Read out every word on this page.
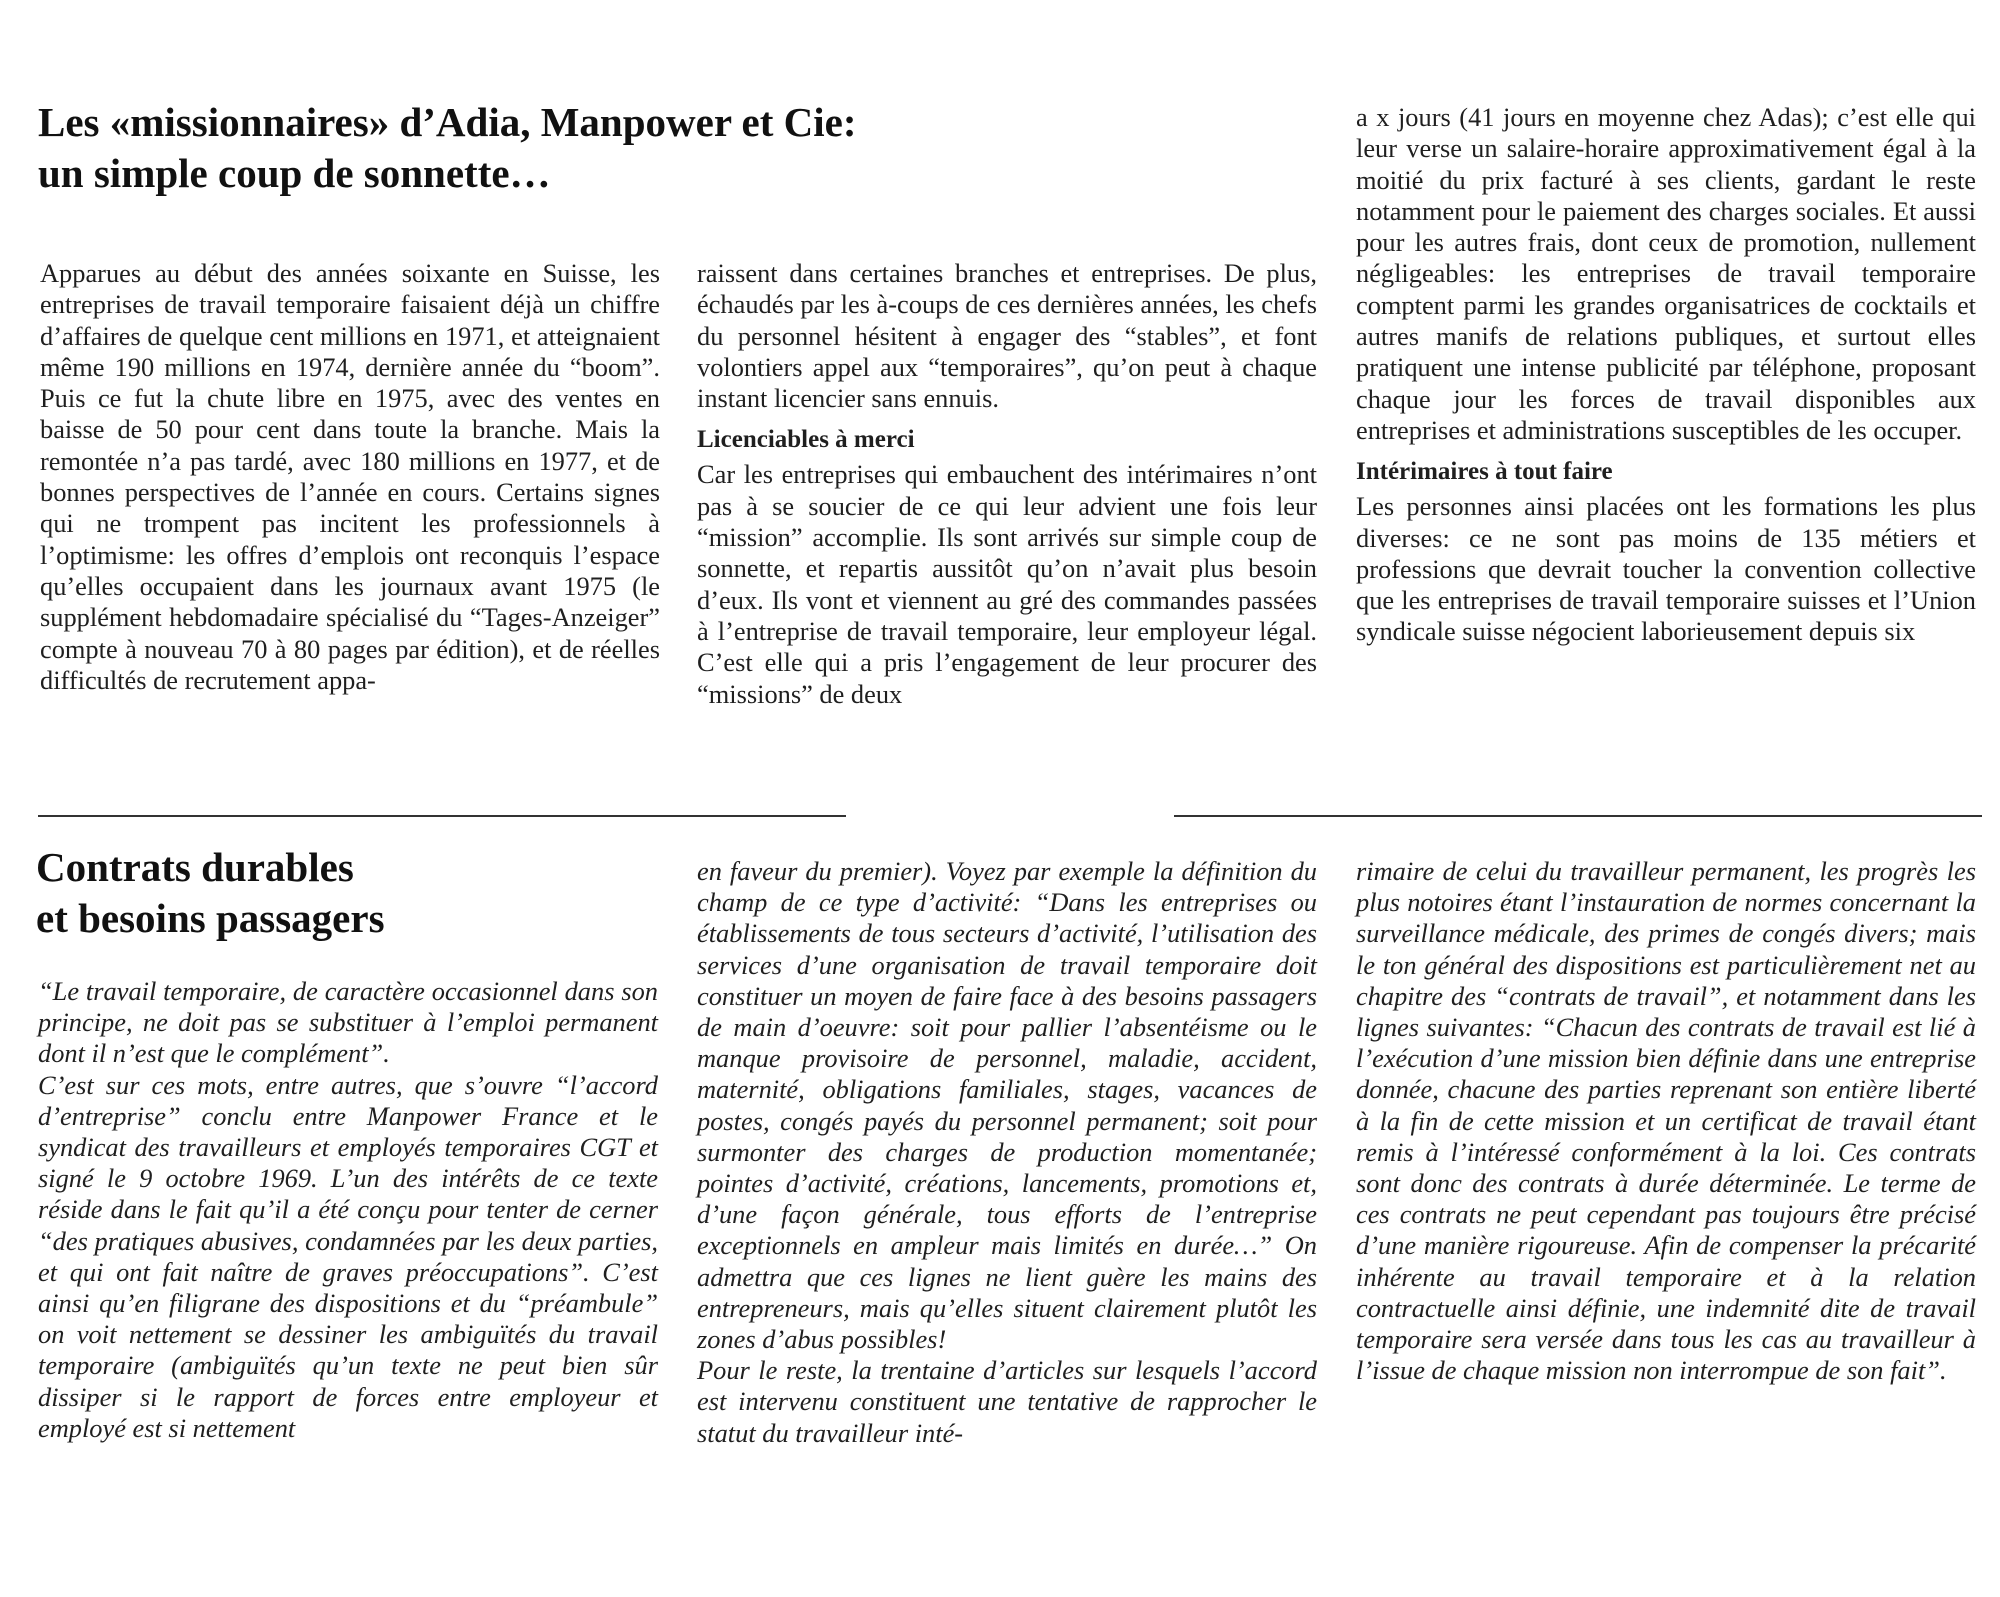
Les «missionnaires» d’Adia, Manpower et Cie:
un simple coup de sonnette…

Apparues au début des années soixante en Suisse, les entreprises de travail temporaire faisaient déjà un chiffre d’affaires de quelque cent millions en 1971, et atteignaient même 190 millions en 1974, dernière année du “boom”. Puis ce fut la chute libre en 1975, avec des ventes en baisse de 50 pour cent dans toute la branche. Mais la remontée n’a pas tardé, avec 180 millions en 1977, et de bonnes perspectives de l’année en cours. Certains signes qui ne trompent pas incitent les professionnels à l’optimisme: les offres d’emplois ont reconquis l’espace qu’elles occupaient dans les journaux avant 1975 (le supplément hebdomadaire spécialisé du “Tages-Anzeiger” compte à nouveau 70 à 80 pages par édition), et de réelles difficultés de recrutement appa-

raissent dans certaines branches et entreprises. De plus, échaudés par les à-coups de ces dernières années, les chefs du personnel hésitent à engager des “stables”, et font volontiers appel aux “temporaires”, qu’on peut à chaque instant licencier sans ennuis.

Licenciables à merci

Car les entreprises qui embauchent des intérimaires n’ont pas à se soucier de ce qui leur advient une fois leur “mission” accomplie. Ils sont arrivés sur simple coup de sonnette, et repartis aussitôt qu’on n’avait plus besoin d’eux. Ils vont et viennent au gré des commandes passées à l’entreprise de travail temporaire, leur employeur légal. C’est elle qui a pris l’engagement de leur procurer des “missions” de deux

a x jours (41 jours en moyenne chez Adas); c’est elle qui leur verse un salaire-horaire approximativement égal à la moitié du prix facturé à ses clients, gardant le reste notamment pour le paiement des charges sociales. Et aussi pour les autres frais, dont ceux de promotion, nullement négligeables: les entreprises de travail temporaire comptent parmi les grandes organisatrices de cocktails et autres manifs de relations publiques, et surtout elles pratiquent une intense publicité par téléphone, proposant chaque jour les forces de travail disponibles aux entreprises et administrations susceptibles de les occuper.

Intérimaires à tout faire

Les personnes ainsi placées ont les formations les plus diverses: ce ne sont pas moins de 135 métiers et professions que devrait toucher la convention collective que les entreprises de travail temporaire suisses et l’Union syndicale suisse négocient laborieusement depuis six

Contrats durables
et besoins passagers

“Le travail temporaire, de caractère occasionnel dans son principe, ne doit pas se substituer à l’emploi permanent dont il n’est que le complément”.

C’est sur ces mots, entre autres, que s’ouvre “l’accord d’entreprise” conclu entre Manpower France et le syndicat des travailleurs et employés temporaires CGT et signé le 9 octobre 1969. L’un des intérêts de ce texte réside dans le fait qu’il a été conçu pour tenter de cerner “des pratiques abusives, condamnées par les deux parties, et qui ont fait naître de graves préoccupations”. C’est ainsi qu’en filigrane des dispositions et du “préambule” on voit nettement se dessiner les ambiguïtés du travail temporaire (ambiguïtés qu’un texte ne peut bien sûr dissiper si le rapport de forces entre employeur et employé est si nettement

en faveur du premier). Voyez par exemple la définition du champ de ce type d’activité: “Dans les entreprises ou établissements de tous secteurs d’activité, l’utilisation des services d’une organisation de travail temporaire doit constituer un moyen de faire face à des besoins passagers de main d’oeuvre: soit pour pallier l’absentéisme ou le manque provisoire de personnel, maladie, accident, maternité, obligations familiales, stages, vacances de postes, congés payés du personnel permanent; soit pour surmonter des charges de production momentanée; pointes d’activité, créations, lancements, promotions et, d’une façon générale, tous efforts de l’entreprise exceptionnels en ampleur mais limités en durée…” On admettra que ces lignes ne lient guère les mains des entrepreneurs, mais qu’elles situent clairement plutôt les zones d’abus possibles!

Pour le reste, la trentaine d’articles sur lesquels l’accord est intervenu constituent une tentative de rapprocher le statut du travailleur inté-

rimaire de celui du travailleur permanent, les progrès les plus notoires étant l’instauration de normes concernant la surveillance médicale, des primes de congés divers; mais le ton général des dispositions est particulièrement net au chapitre des “contrats de travail”, et notamment dans les lignes suivantes: “Chacun des contrats de travail est lié à l’exécution d’une mission bien définie dans une entreprise donnée, chacune des parties reprenant son entière liberté à la fin de cette mission et un certificat de travail étant remis à l’intéressé conformément à la loi. Ces contrats sont donc des contrats à durée déterminée. Le terme de ces contrats ne peut cependant pas toujours être précisé d’une manière rigoureuse. Afin de compenser la précarité inhérente au travail temporaire et à la relation contractuelle ainsi définie, une indemnité dite de travail temporaire sera versée dans tous les cas au travailleur à l’issue de chaque mission non interrompue de son fait”.
